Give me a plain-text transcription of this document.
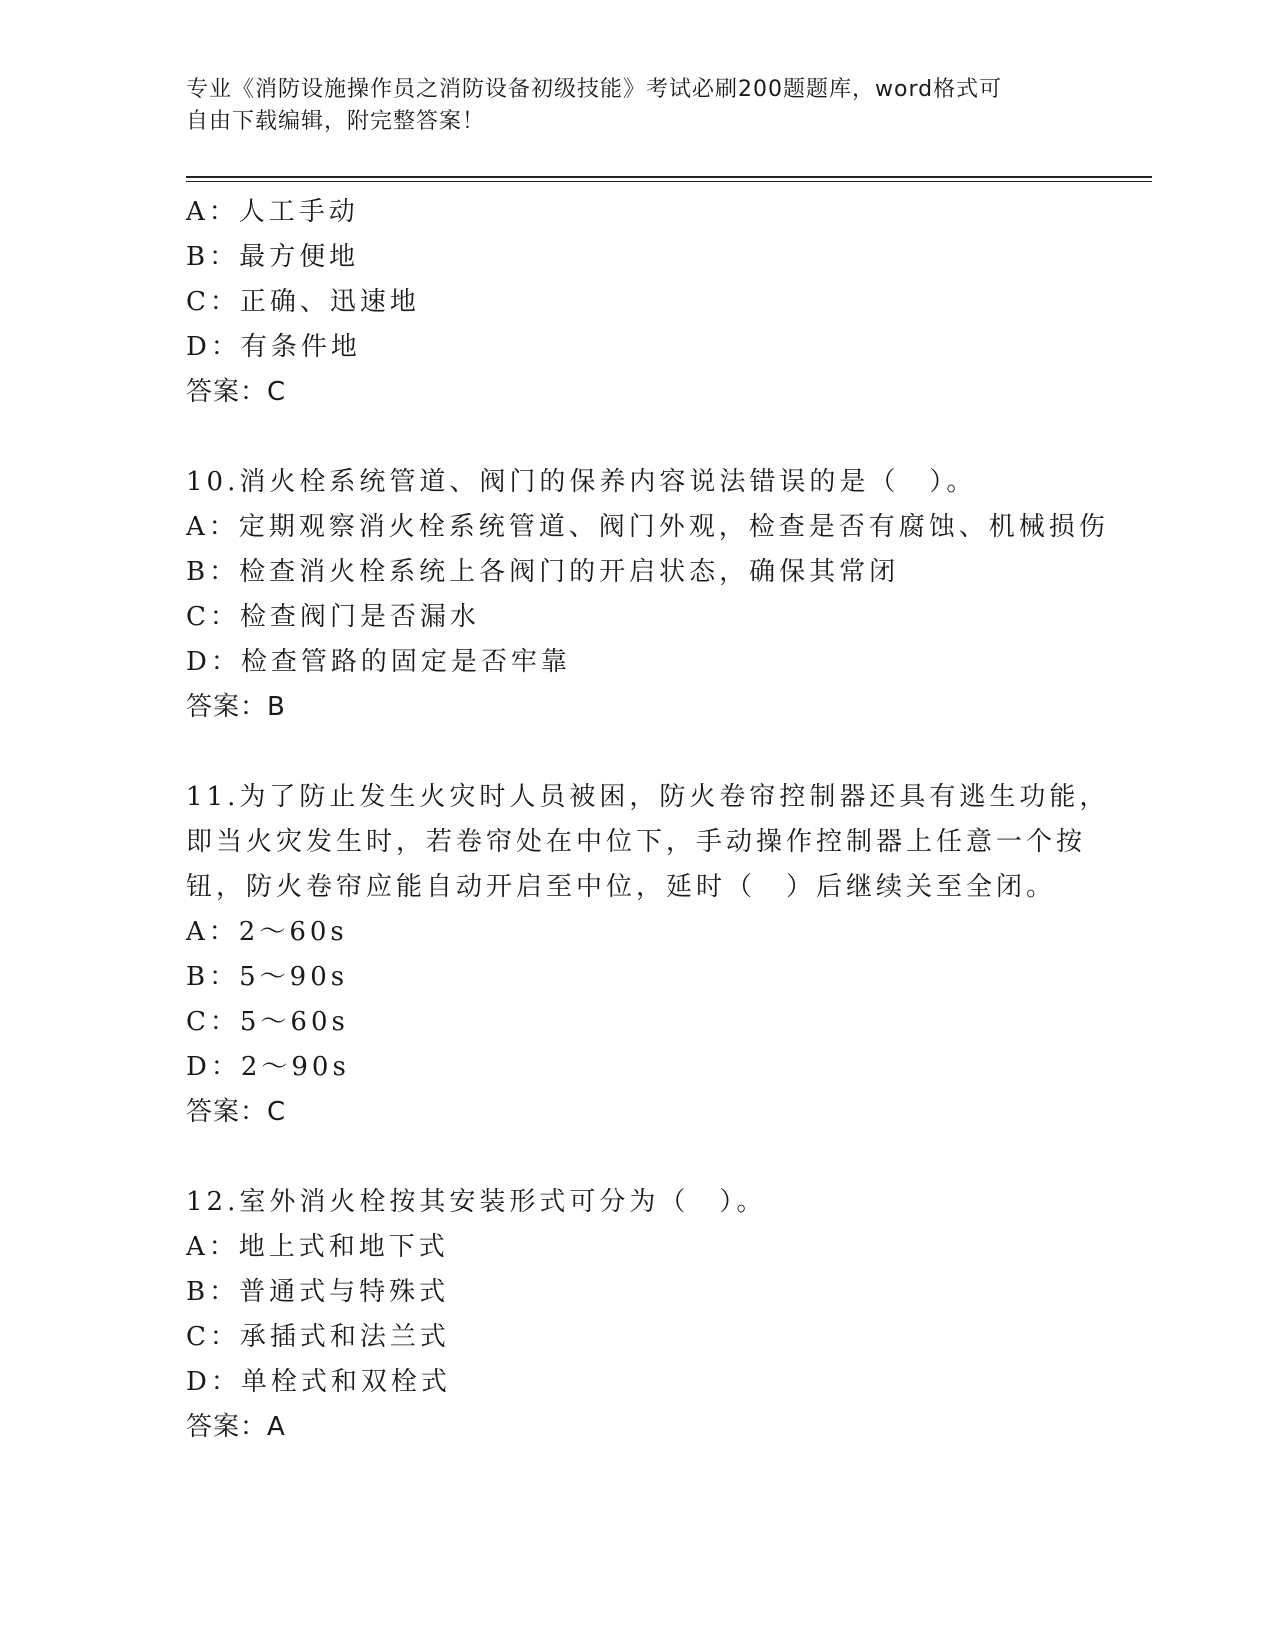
专业《消防设施操作员之消防设备初级技能》考试必刷200题题库，word格式可
自由下载编辑，附完整答案！
A：人工手动
B：最方便地
C：正确、迅速地
D：有条件地
答案：C
10.消火栓系统管道、阀门的保养内容说法错误的是（　）。
A：定期观察消火栓系统管道、阀门外观，检查是否有腐蚀、机械损伤
B：检查消火栓系统上各阀门的开启状态，确保其常闭
C：检查阀门是否漏水
D：检查管路的固定是否牢靠
答案：B
11.为了防止发生火灾时人员被困，防火卷帘控制器还具有逃生功能，
即当火灾发生时，若卷帘处在中位下，手动操作控制器上任意一个按
钮，防火卷帘应能自动开启至中位，延时（　）后继续关至全闭。
A：2～60s
B：5～90s
C：5～60s
D：2～90s
答案：C
12.室外消火栓按其安装形式可分为（　）。
A：地上式和地下式
B：普通式与特殊式
C：承插式和法兰式
D：单栓式和双栓式
答案：A
